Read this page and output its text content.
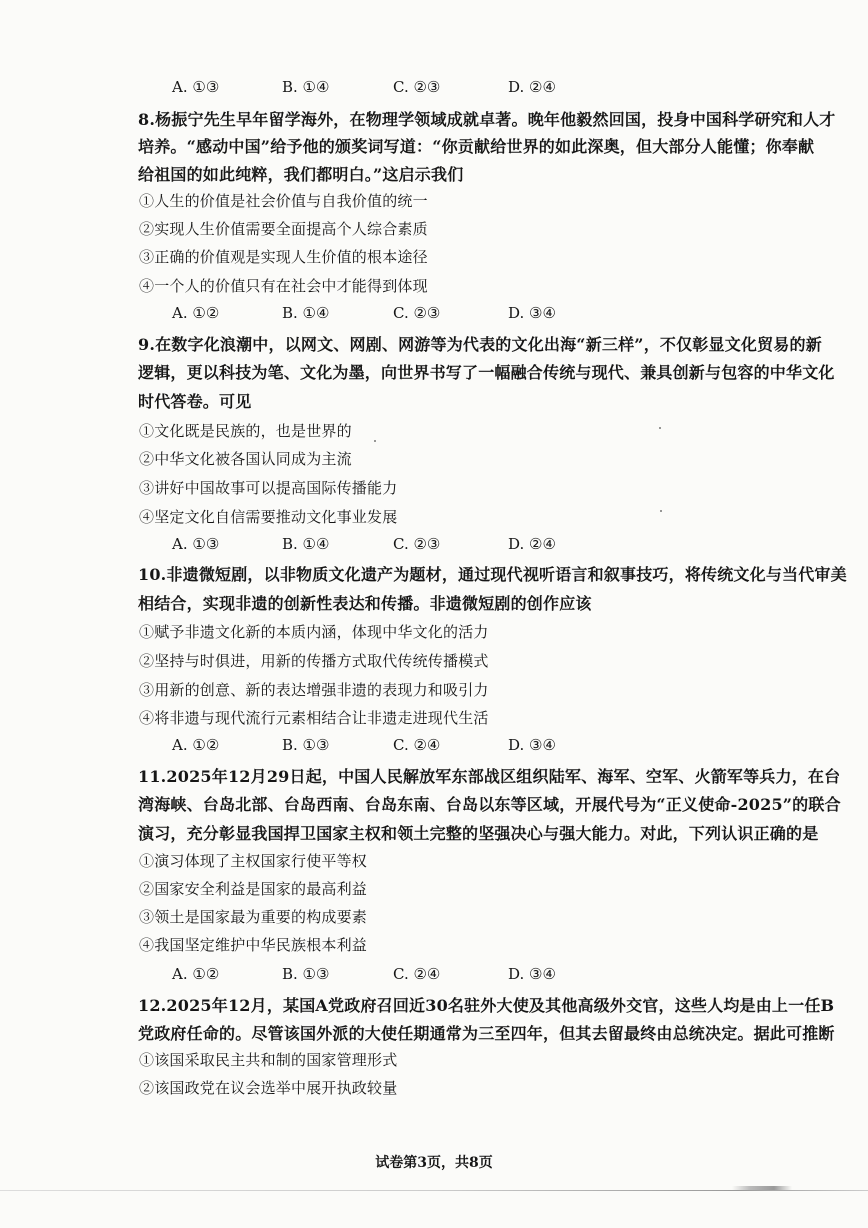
A. ①③	B. ①④	C. ②③	D. ②④
8.杨振宁先生早年留学海外，在物理学领域成就卓著。晚年他毅然回国，投身中国科学研究和人才
培养。“感动中国”给予他的颁奖词写道：“你贡献给世界的如此深奥，但大部分人能懂；你奉献
给祖国的如此纯粹，我们都明白。”这启示我们
①人生的价值是社会价值与自我价值的统一
②实现人生价值需要全面提高个人综合素质
③正确的价值观是实现人生价值的根本途径
④一个人的价值只有在社会中才能得到体现
A. ①②	B. ①④	C. ②③	D. ③④
9.在数字化浪潮中，以网文、网剧、网游等为代表的文化出海“新三样”，不仅彰显文化贸易的新
逻辑，更以科技为笔、文化为墨，向世界书写了一幅融合传统与现代、兼具创新与包容的中华文化
时代答卷。可见
①文化既是民族的，也是世界的
②中华文化被各国认同成为主流
③讲好中国故事可以提高国际传播能力
④坚定文化自信需要推动文化事业发展
A. ①③	B. ①④	C. ②③	D. ②④
10.非遗微短剧，以非物质文化遗产为题材，通过现代视听语言和叙事技巧，将传统文化与当代审美
相结合，实现非遗的创新性表达和传播。非遗微短剧的创作应该
①赋予非遗文化新的本质内涵，体现中华文化的活力
②坚持与时俱进，用新的传播方式取代传统传播模式
③用新的创意、新的表达增强非遗的表现力和吸引力
④将非遗与现代流行元素相结合让非遗走进现代生活
A. ①②	B. ①③	C. ②④	D. ③④
11.2025年12月29日起，中国人民解放军东部战区组织陆军、海军、空军、火箭军等兵力，在台
湾海峡、台岛北部、台岛西南、台岛东南、台岛以东等区域，开展代号为“正义使命-2025”的联合
演习，充分彰显我国捍卫国家主权和领土完整的坚强决心与强大能力。对此，下列认识正确的是
①演习体现了主权国家行使平等权
②国家安全利益是国家的最高利益
③领土是国家最为重要的构成要素
④我国坚定维护中华民族根本利益
A. ①②	B. ①③	C. ②④	D. ③④
12.2025年12月，某国A党政府召回近30名驻外大使及其他高级外交官，这些人均是由上一任B
党政府任命的。尽管该国外派的大使任期通常为三至四年，但其去留最终由总统决定。据此可推断
①该国采取民主共和制的国家管理形式
②该国政党在议会选举中展开执政较量
试卷第3页，共8页
